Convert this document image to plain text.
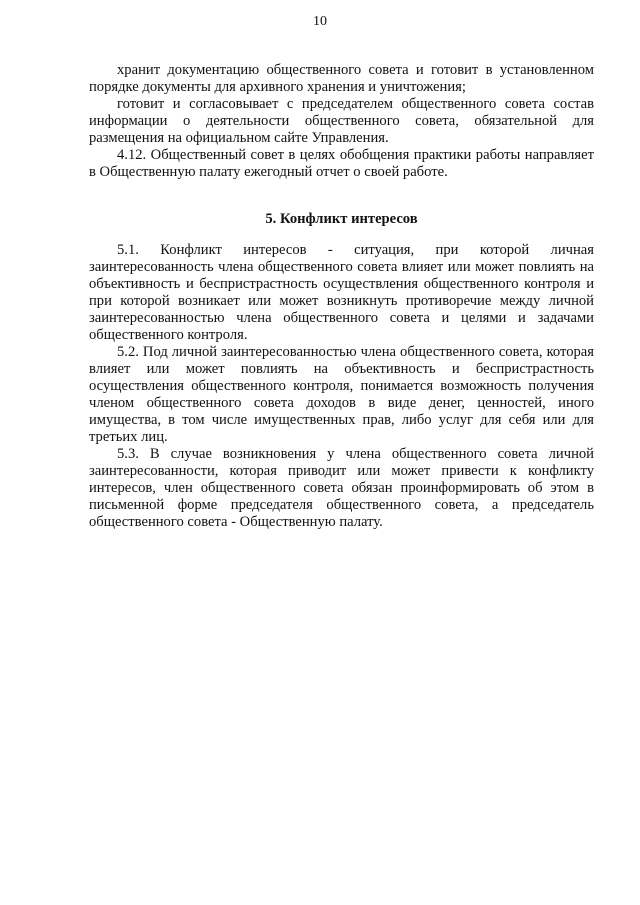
10

хранит документацию общественного совета и готовит в установленном порядке документы для архивного хранения и уничтожения;

готовит и согласовывает с председателем общественного совета состав информации о деятельности общественного совета, обязательной для размещения на официальном сайте Управления.

4.12. Общественный совет в целях обобщения практики работы направляет в Общественную палату ежегодный отчет о своей работе.

5. Конфликт интересов

5.1. Конфликт интересов - ситуация, при которой личная заинтересованность члена общественного совета влияет или может повлиять на объективность и беспристрастность осуществления общественного контроля и при которой возникает или может возникнуть противоречие между личной заинтересованностью члена общественного совета и целями и задачами общественного контроля.

5.2. Под личной заинтересованностью члена общественного совета, которая влияет или может повлиять на объективность и беспристрастность осуществления общественного контроля, понимается возможность получения членом общественного совета доходов в виде денег, ценностей, иного имущества, в том числе имущественных прав, либо услуг для себя или для третьих лиц.

5.3. В случае возникновения у члена общественного совета личной заинтересованности, которая приводит или может привести к конфликту интересов, член общественного совета обязан проинформировать об этом в письменной форме председателя общественного совета, а председатель общественного совета - Общественную палату.
